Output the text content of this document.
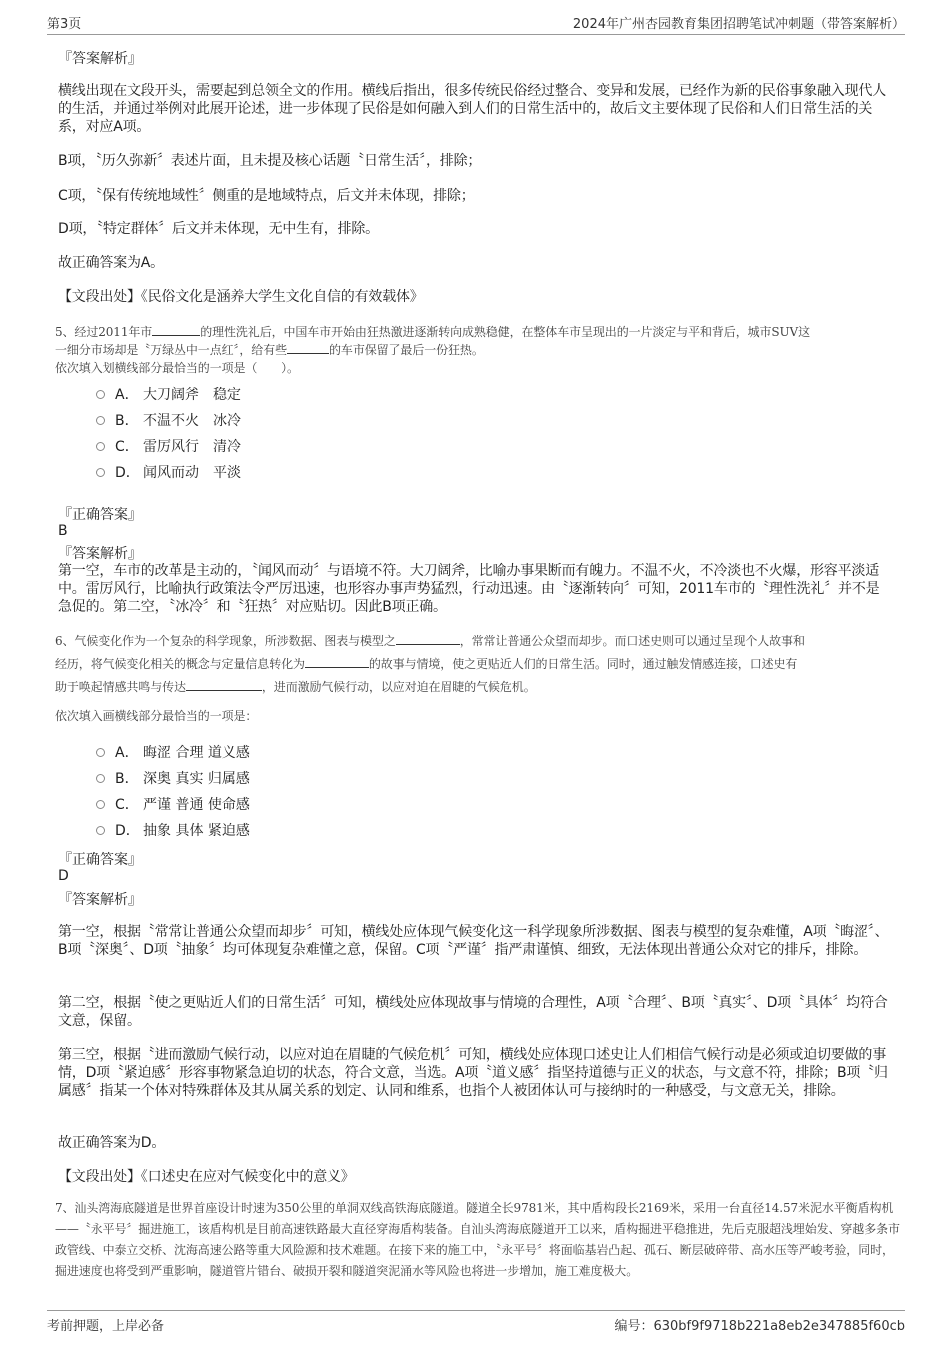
第3页	2024年广州杏园教育集团招聘笔试冲刺题（带答案解析）
『答案解析』
横线出现在文段开头，需要起到总领全文的作用。横线后指出，很多传统民俗经过整合、变异和发展，已经作为新的民俗事象融入现代人的生活，并通过举例对此展开论述，进一步体现了民俗是如何融入到人们的日常生活中的，故后文主要体现了民俗和人们日常生活的关系，对应A项。
B项，〝历久弥新〞表述片面，且未提及核心话题〝日常生活〞，排除；
C项，〝保有传统地域性〞侧重的是地域特点，后文并未体现，排除；
D项，〝特定群体〞后文并未体现，无中生有，排除。
故正确答案为A。
【文段出处】《民俗文化是涵养大学生文化自信的有效载体》
5、经过2011年市	的理性洗礼后，中国车市开始由狂热激进逐渐转向成熟稳健，在整体车市呈现出的一片淡定与平和背后，城市SUV这
一细分市场却是〝万绿丛中一点红〞，给有些	的车市保留了最后一份狂热。
依次填入划横线部分最恰当的一项是（　　）。
A． 大刀阔斧　稳定
B． 不温不火　冰冷
C． 雷厉风行　清冷
D． 闻风而动　平淡
『正确答案』
B
『答案解析』
第一空，车市的改革是主动的，〝闻风而动〞与语境不符。大刀阔斧，比喻办事果断而有魄力。不温不火，不冷淡也不火爆，形容平淡适中。雷厉风行，比喻执行政策法令严厉迅速，也形容办事声势猛烈，行动迅速。由〝逐渐转向〞可知，2011车市的〝理性洗礼〞并不是急促的。第二空，〝冰冷〞和〝狂热〞对应贴切。因此B项正确。
6、气候变化作为一个复杂的科学现象，所涉数据、图表与模型之	，常常让普通公众望而却步。而口述史则可以通过呈现个人故事和
经历，将气候变化相关的概念与定量信息转化为	的故事与情境，使之更贴近人们的日常生活。同时，通过触发情感连接，口述史有
助于唤起情感共鸣与传达	，进而激励气候行动，以应对迫在眉睫的气候危机。
依次填入画横线部分最恰当的一项是：
A． 晦涩 合理 道义感
B． 深奥 真实 归属感
C． 严谨 普通 使命感
D． 抽象 具体 紧迫感
『正确答案』
D
『答案解析』
第一空，根据〝常常让普通公众望而却步〞可知，横线处应体现气候变化这一科学现象所涉数据、图表与模型的复杂难懂，A项〝晦涩〞、B项〝深奥〞、D项〝抽象〞均可体现复杂难懂之意，保留。C项〝严谨〞指严肃谨慎、细致，无法体现出普通公众对它的排斥，排除。
第二空，根据〝使之更贴近人们的日常生活〞可知，横线处应体现故事与情境的合理性，A项〝合理〞、B项〝真实〞、D项〝具体〞均符合文意，保留。
第三空，根据〝进而激励气候行动，以应对迫在眉睫的气候危机〞可知，横线处应体现口述史让人们相信气候行动是必须或迫切要做的事情，D项〝紧迫感〞形容事物紧急迫切的状态，符合文意，当选。A项〝道义感〞指坚持道德与正义的状态，与文意不符，排除；B项〝归属感〞指某一个体对特殊群体及其从属关系的划定、认同和维系，也指个人被团体认可与接纳时的一种感受，与文意无关，排除。
故正确答案为D。
【文段出处】《口述史在应对气候变化中的意义》
7、汕头湾海底隧道是世界首座设计时速为350公里的单洞双线高铁海底隧道。隧道全长9781米，其中盾构段长2169米，采用一台直径14.57米泥水平衡盾构机——〝永平号〞掘进施工，该盾构机是目前高速铁路最大直径穿海盾构装备。自汕头湾海底隧道开工以来，盾构掘进平稳推进，先后克服超浅埋始发、穿越多条市政管线、中泰立交桥、沈海高速公路等重大风险源和技术难题。在接下来的施工中，〝永平号〞将面临基岩凸起、孤石、断层破碎带、高水压等严峻考验，同时，掘进速度也将受到严重影响，隧道管片错台、破损开裂和隧道突泥涌水等风险也将进一步增加，施工难度极大。
考前押题，上岸必备	编号：630bf9f9718b221a8eb2e347885f60cb
